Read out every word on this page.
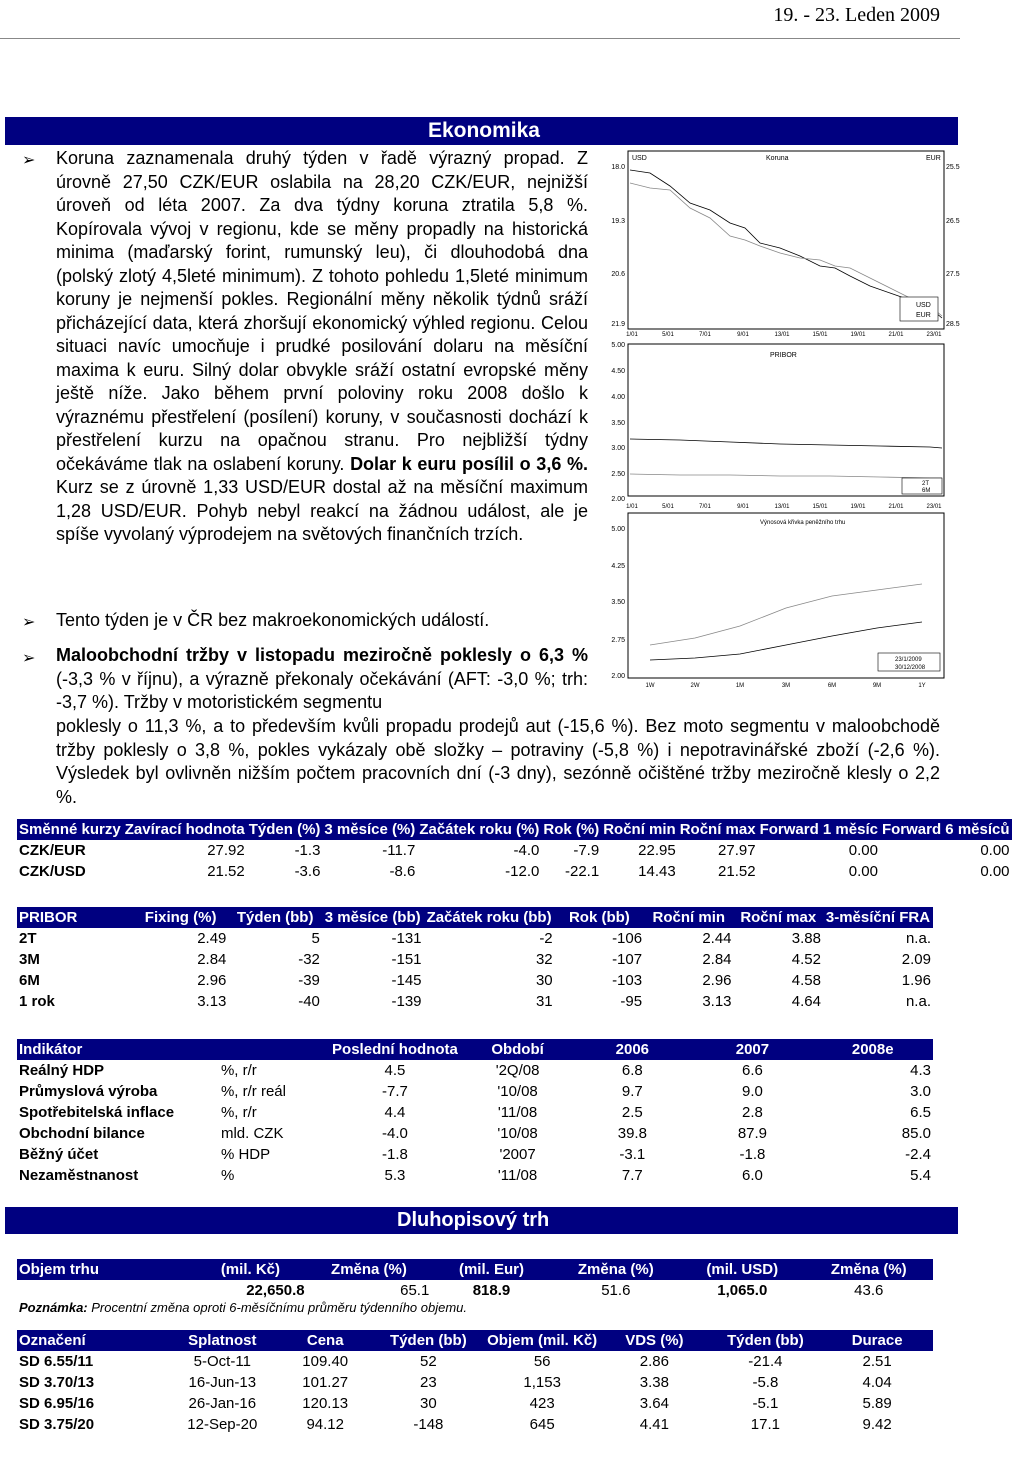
19. - 23. Leden 2009
Ekonomika
➢ Koruna zaznamenala druhý týden v řadě výrazný propad. Z úrovně 27,50 CZK/EUR oslabila na 28,20 CZK/EUR, nejnižší úroveň od léta 2007. Za dva týdny koruna ztratila 5,8 %. Kopírovala vývoj v regionu, kde se měny propadly na historická minima (maďarský forint, rumunský leu), či dlouhodobá dna (polský zlotý 4,5leté minimum). Z tohoto pohledu 1,5leté minimum koruny je nejmenší pokles. Regionální měny několik týdnů sráží přicházející data, která zhoršují ekonomický výhled regionu. Celou situaci navíc umocňuje i prudké posilování dolaru na měsíční maxima k euru. Silný dolar obvykle sráží ostatní evropské měny ještě níže. Jako během první poloviny roku 2008 došlo k výraznému přestřelení (posílení) koruny, v současnosti dochází k přestřelení kurzu na opačnou stranu. Pro nejbližší týdny očekáváme tlak na oslabení koruny. Dolar k euru posílil o 3,6 %. Kurz se z úrovně 1,33 USD/EUR dostal až na měsíční maximum 1,28 USD/EUR. Pohyb nebyl reakcí na žádnou událost, ale je spíše vyvolaný výprodejem na světových finančních trzích.
➢ Tento týden je v ČR bez makroekonomických událostí.
➢ Maloobchodní tržby v listopadu meziročně poklesly o 6,3 % (-3,3 % v říjnu), a výrazně překonaly očekávání (AFT: -3,0 %; trh: -3,7 %). Tržby v motoristickém segmentu
poklesly o 11,3 %, a to především kvůli propadu prodejů aut (-15,6 %). Bez moto segmentu v maloobchodě tržby poklesly o 3,8 %, pokles vykázaly obě složky – potraviny (-5,8 %) i nepotravinářské zboží (-2,6 %). Výsledek byl ovlivněn nižším počtem pracovních dní (-3 dny), sezónně očištěné tržby meziročně klesly o 2,2 %.
USD	Koruna	EUR
18.0
19.3
20.6
21.9
25.5
26.5
27.5
28.5
1/01	5/01	7/01	9/01	13/01	15/01	19/01	21/01	23/01
USD
EUR
PRIBOR
5.00
4.50
4.00
3.50
3.00
2.50
2.00
1/01	5/01	7/01	9/01	13/01	15/01	19/01	21/01	23/01
2T
6M
Výnosová křivka peněžního trhu
5.00
4.25
3.50
2.75
2.00
1W	2W	1M	3M	6M	9M	1Y
23/1/2009
30/12/2008
Směnné kurzy	Zavírací hodnota	Týden (%)	3 měsíce (%)	Začátek roku (%)	Rok (%)	Roční min	Roční max	Forward 1 měsíc	Forward 6 měsíců
CZK/EUR	27.92	-1.3	-11.7	-4.0	-7.9	22.95	27.97	0.00	0.00
CZK/USD	21.52	-3.6	-8.6	-12.0	-22.1	14.43	21.52	0.00	0.00
PRIBOR	Fixing (%)	Týden (bb)	3 měsíce (bb)	Začátek roku (bb)	Rok (bb)	Roční min	Roční max	3-měsíční FRA
2T	2.49	5	-131	-2	-106	2.44	3.88	n.a.
3M	2.84	-32	-151	32	-107	2.84	4.52	2.09
6M	2.96	-39	-145	30	-103	2.96	4.58	1.96
1 rok	3.13	-40	-139	31	-95	3.13	4.64	n.a.
Indikátor		Poslední hodnota	Období	2006	2007	2008e
Reálný HDP	%, r/r	4.5	'2Q/08	6.8	6.6	4.3
Průmyslová výroba	%, r/r reál	-7.7	'10/08	9.7	9.0	3.0
Spotřebitelská inflace	%, r/r	4.4	'11/08	2.5	2.8	6.5
Obchodní bilance	mld. CZK	-4.0	'10/08	39.8	87.9	85.0
Běžný účet	% HDP	-1.8	'2007	-3.1	-1.8	-2.4
Nezaměstnanost	%	5.3	'11/08	7.7	6.0	5.4
Dluhopisový trh
Objem trhu	(mil. Kč)	Změna (%)	(mil. Eur)	Změna (%)	(mil. USD)	Změna (%)
	22,650.8	65.1	818.9	51.6	1,065.0	43.6
Poznámka: Procentní změna oproti 6-měsíčnímu průměru týdenního objemu.
Označení	Splatnost	Cena	Týden (bb)	Objem (mil. Kč)	VDS (%)	Týden (bb)	Durace
SD 6.55/11	5-Oct-11	109.40	52	56	2.86	-21.4	2.51
SD 3.70/13	16-Jun-13	101.27	23	1,153	3.38	-5.8	4.04
SD 6.95/16	26-Jan-16	120.13	30	423	3.64	-5.1	5.89
SD 3.75/20	12-Sep-20	94.12	-148	645	4.41	17.1	9.42
